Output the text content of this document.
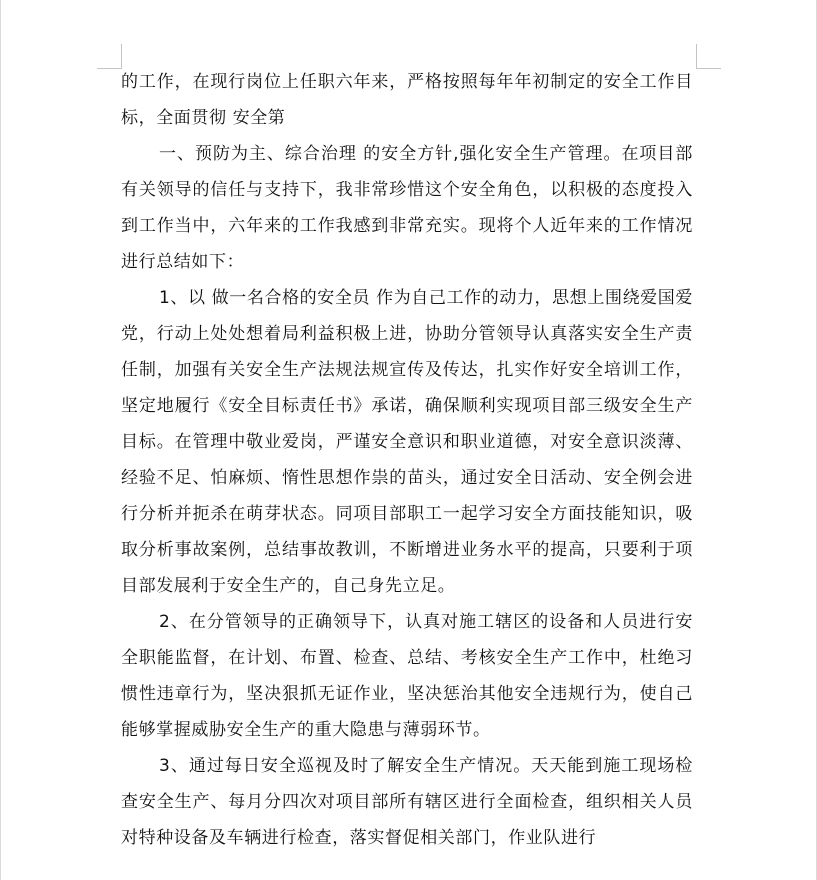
的工作，在现行岗位上任职六年来，严格按照每年年初制定的安全工作目标，全面贯彻 安全第

一、预防为主、综合治理 的安全方针,强化安全生产管理。在项目部有关领导的信任与支持下，我非常珍惜这个安全角色，以积极的态度投入到工作当中，六年来的工作我感到非常充实。现将个人近年来的工作情况进行总结如下：

1、以 做一名合格的安全员 作为自己工作的动力，思想上围绕爱国爱党，行动上处处想着局利益积极上进，协助分管领导认真落实安全生产责任制，加强有关安全生产法规法规宣传及传达，扎实作好安全培训工作，坚定地履行《安全目标责任书》承诺，确保顺利实现项目部三级安全生产目标。在管理中敬业爱岗，严谨安全意识和职业道德，对安全意识淡薄、经验不足、怕麻烦、惰性思想作祟的苗头，通过安全日活动、安全例会进行分析并扼杀在萌芽状态。同项目部职工一起学习安全方面技能知识，吸取分析事故案例，总结事故教训，不断增进业务水平的提高，只要利于项目部发展利于安全生产的，自己身先立足。

2、在分管领导的正确领导下，认真对施工辖区的设备和人员进行安全职能监督，在计划、布置、检查、总结、考核安全生产工作中，杜绝习惯性违章行为，坚决狠抓无证作业，坚决惩治其他安全违规行为，使自己能够掌握威胁安全生产的重大隐患与薄弱环节。

3、通过每日安全巡视及时了解安全生产情况。天天能到施工现场检查安全生产、每月分四次对项目部所有辖区进行全面检查，组织相关人员对特种设备及车辆进行检查，落实督促相关部门，作业队进行
